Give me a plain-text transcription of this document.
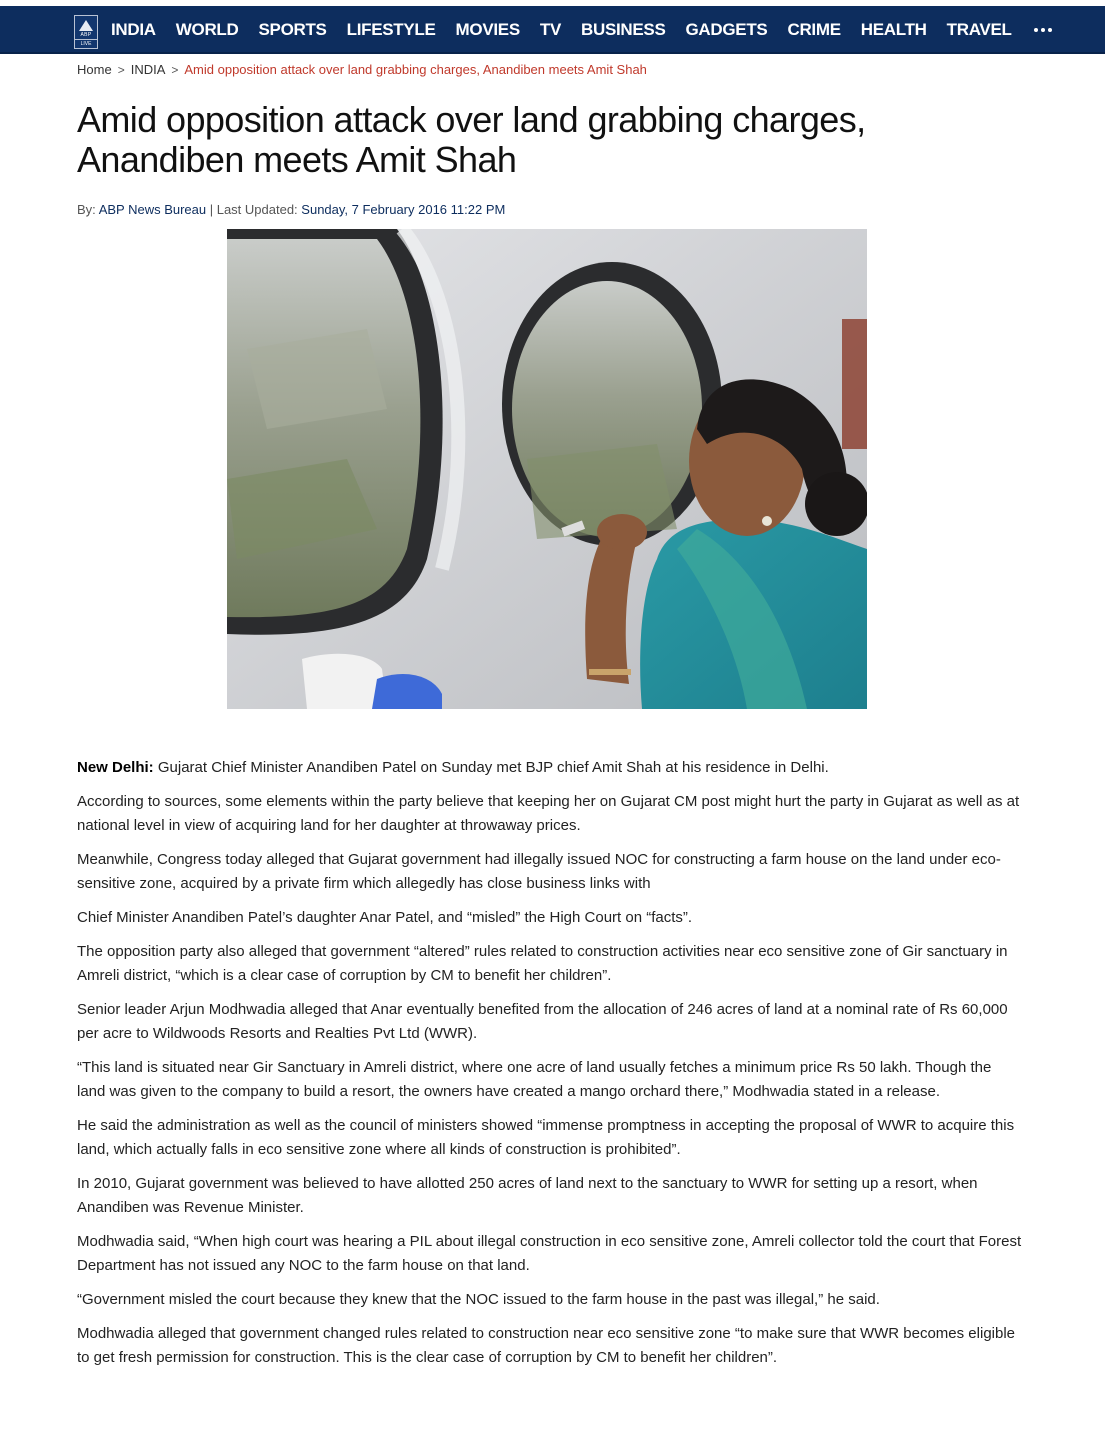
ABP
LIVE
INDIA WORLD SPORTS LIFESTYLE MOVIES TV BUSINESS GADGETS CRIME HEALTH TRAVEL
Home > INDIA > Amid opposition attack over land grabbing charges, Anandiben meets Amit Shah
Amid opposition attack over land grabbing charges, Anandiben meets Amit Shah
By: ABP News Bureau | Last Updated: Sunday, 7 February 2016 11:22 PM

New Delhi: Gujarat Chief Minister Anandiben Patel on Sunday met BJP chief Amit Shah at his residence in Delhi.

According to sources, some elements within the party believe that keeping her on Gujarat CM post might hurt the party in Gujarat as well as at national level in view of acquiring land for her daughter at throwaway prices.

Meanwhile, Congress today alleged that Gujarat government had illegally issued NOC for constructing a farm house on the land under eco-sensitive zone, acquired by a private firm which allegedly has close business links with

Chief Minister Anandiben Patel’s daughter Anar Patel, and “misled” the High Court on “facts”.

The opposition party also alleged that government “altered” rules related to construction activities near eco sensitive zone of Gir sanctuary in Amreli district, “which is a clear case of corruption by CM to benefit her children”.

Senior leader Arjun Modhwadia alleged that Anar eventually benefited from the allocation of 246 acres of land at a nominal rate of Rs 60,000 per acre to Wildwoods Resorts and Realties Pvt Ltd (WWR).

“This land is situated near Gir Sanctuary in Amreli district, where one acre of land usually fetches a minimum price Rs 50 lakh. Though the land was given to the company to build a resort, the owners have created a mango orchard there,” Modhwadia stated in a release.

He said the administration as well as the council of ministers showed “immense promptness in accepting the proposal of WWR to acquire this land, which actually falls in eco sensitive zone where all kinds of construction is prohibited”.

In 2010, Gujarat government was believed to have allotted 250 acres of land next to the sanctuary to WWR for setting up a resort, when Anandiben was Revenue Minister.

Modhwadia said, “When high court was hearing a PIL about illegal construction in eco sensitive zone, Amreli collector told the court that Forest Department has not issued any NOC to the farm house on that land.

“Government misled the court because they knew that the NOC issued to the farm house in the past was illegal,” he said.

Modhwadia alleged that government changed rules related to construction near eco sensitive zone “to make sure that WWR becomes eligible to get fresh permission for construction. This is the clear case of corruption by CM to benefit her children”.
